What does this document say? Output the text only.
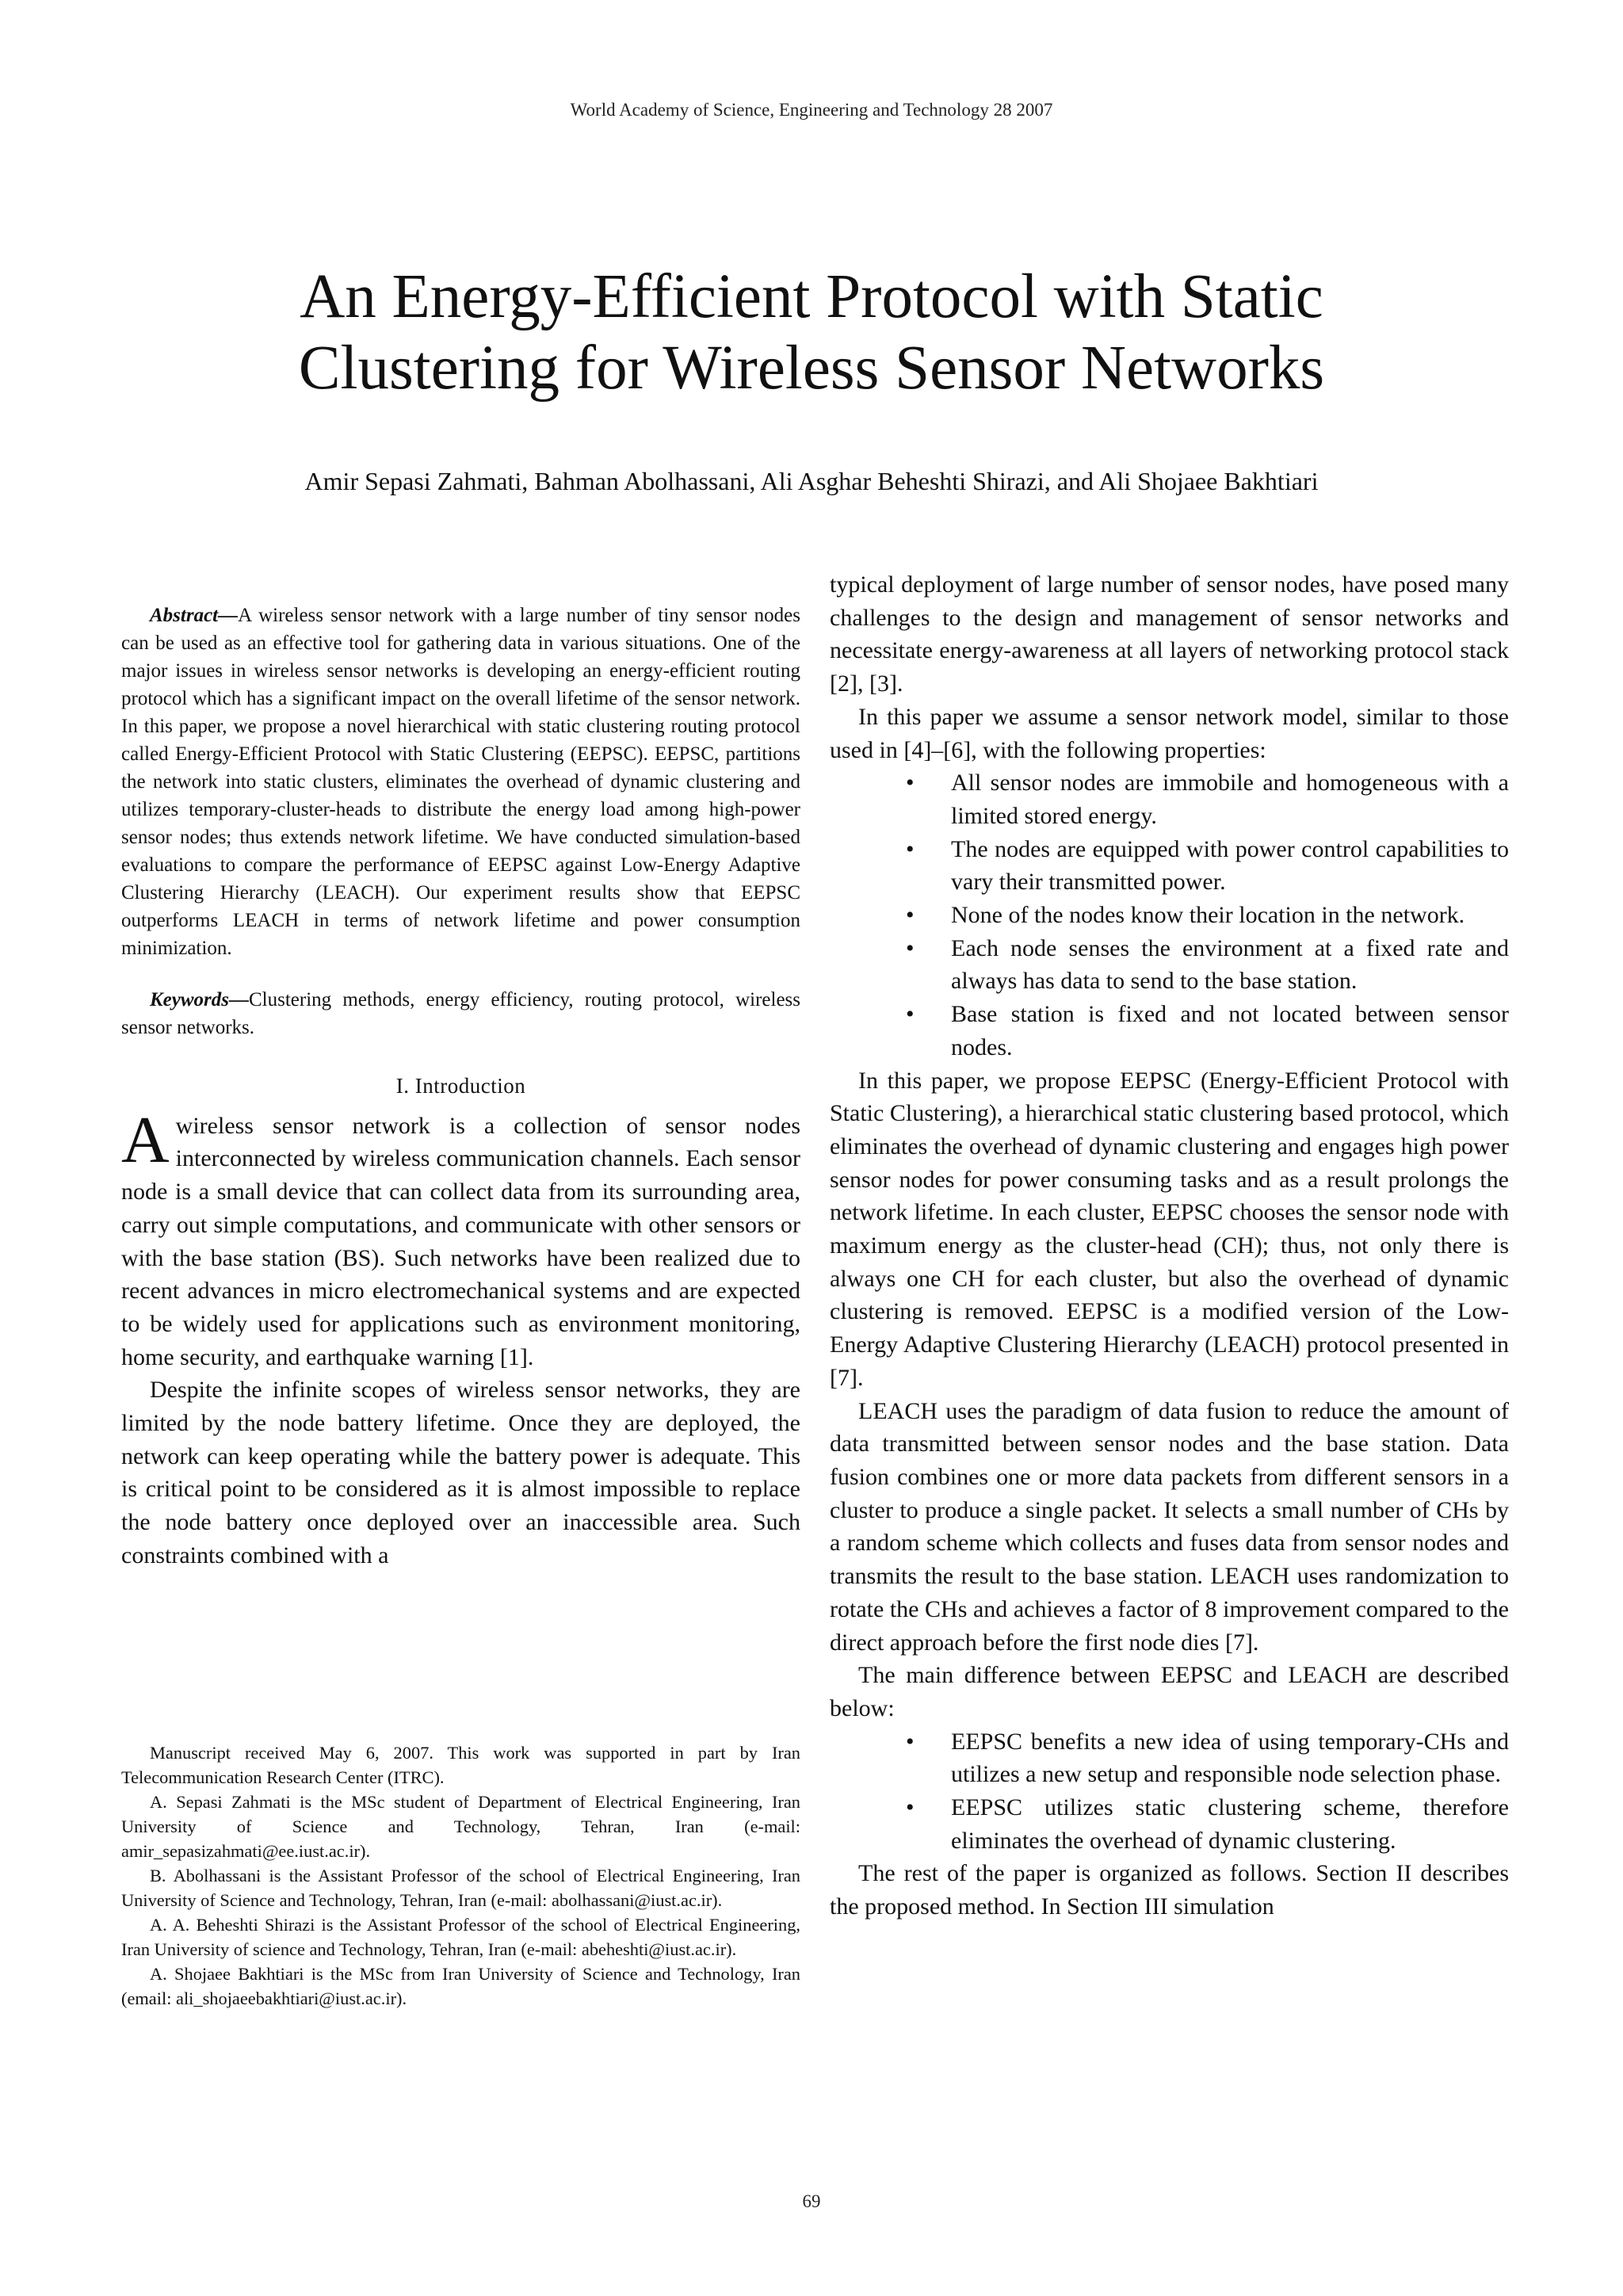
World Academy of Science, Engineering and Technology 28 2007
An Energy-Efficient Protocol with Static
Clustering for Wireless Sensor Networks
Amir Sepasi Zahmati, Bahman Abolhassani, Ali Asghar Beheshti Shirazi, and Ali Shojaee Bakhtiari

Abstract—A wireless sensor network with a large number of tiny sensor nodes can be used as an effective tool for gathering data in various situations. One of the major issues in wireless sensor networks is developing an energy-efficient routing protocol which has a significant impact on the overall lifetime of the sensor network. In this paper, we propose a novel hierarchical with static clustering routing protocol called Energy-Efficient Protocol with Static Clustering (EEPSC). EEPSC, partitions the network into static clusters, eliminates the overhead of dynamic clustering and utilizes temporary-cluster-heads to distribute the energy load among high-power sensor nodes; thus extends network lifetime. We have conducted simulation-based evaluations to compare the performance of EEPSC against Low-Energy Adaptive Clustering Hierarchy (LEACH). Our experiment results show that EEPSC outperforms LEACH in terms of network lifetime and power consumption minimization.

Keywords—Clustering methods, energy efficiency, routing protocol, wireless sensor networks.

I. Introduction

Awireless sensor network is a collection of sensor nodes interconnected by wireless communication channels. Each sensor node is a small device that can collect data from its surrounding area, carry out simple computations, and communicate with other sensors or with the base station (BS). Such networks have been realized due to recent advances in micro electromechanical systems and are expected to be widely used for applications such as environment monitoring, home security, and earthquake warning [1].

Despite the infinite scopes of wireless sensor networks, they are limited by the node battery lifetime. Once they are deployed, the network can keep operating while the battery power is adequate. This is critical point to be considered as it is almost impossible to replace the node battery once deployed over an inaccessible area. Such constraints combined with a

Manuscript received May 6, 2007. This work was supported in part by Iran Telecommunication Research Center (ITRC).

A. Sepasi Zahmati is the MSc student of Department of Electrical Engineering, Iran University of Science and Technology, Tehran, Iran (e-mail: amir_sepasizahmati@ee.iust.ac.ir).

B. Abolhassani is the Assistant Professor of the school of Electrical Engineering, Iran University of Science and Technology, Tehran, Iran (e-mail: abolhassani@iust.ac.ir).

A. A. Beheshti Shirazi is the Assistant Professor of the school of Electrical Engineering, Iran University of science and Technology, Tehran, Iran (e-mail: abeheshti@iust.ac.ir).

A. Shojaee Bakhtiari is the MSc from Iran University of Science and Technology, Iran (email: ali_shojaeebakhtiari@iust.ac.ir).

typical deployment of large number of sensor nodes, have posed many challenges to the design and management of sensor networks and necessitate energy-awareness at all layers of networking protocol stack [2], [3].

In this paper we assume a sensor network model, similar to those used in [4]–[6], with the following properties:

• All sensor nodes are immobile and homogeneous with a limited stored energy.
• The nodes are equipped with power control capabilities to vary their transmitted power.
• None of the nodes know their location in the network.
• Each node senses the environment at a fixed rate and always has data to send to the base station.
• Base station is fixed and not located between sensor nodes.

In this paper, we propose EEPSC (Energy-Efficient Protocol with Static Clustering), a hierarchical static clustering based protocol, which eliminates the overhead of dynamic clustering and engages high power sensor nodes for power consuming tasks and as a result prolongs the network lifetime. In each cluster, EEPSC chooses the sensor node with maximum energy as the cluster-head (CH); thus, not only there is always one CH for each cluster, but also the overhead of dynamic clustering is removed. EEPSC is a modified version of the Low-Energy Adaptive Clustering Hierarchy (LEACH) protocol presented in [7].

LEACH uses the paradigm of data fusion to reduce the amount of data transmitted between sensor nodes and the base station. Data fusion combines one or more data packets from different sensors in a cluster to produce a single packet. It selects a small number of CHs by a random scheme which collects and fuses data from sensor nodes and transmits the result to the base station. LEACH uses randomization to rotate the CHs and achieves a factor of 8 improvement compared to the direct approach before the first node dies [7].

The main difference between EEPSC and LEACH are described below:

• EEPSC benefits a new idea of using temporary-CHs and utilizes a new setup and responsible node selection phase.
• EEPSC utilizes static clustering scheme, therefore eliminates the overhead of dynamic clustering.

The rest of the paper is organized as follows. Section II describes the proposed method. In Section III simulation

69
